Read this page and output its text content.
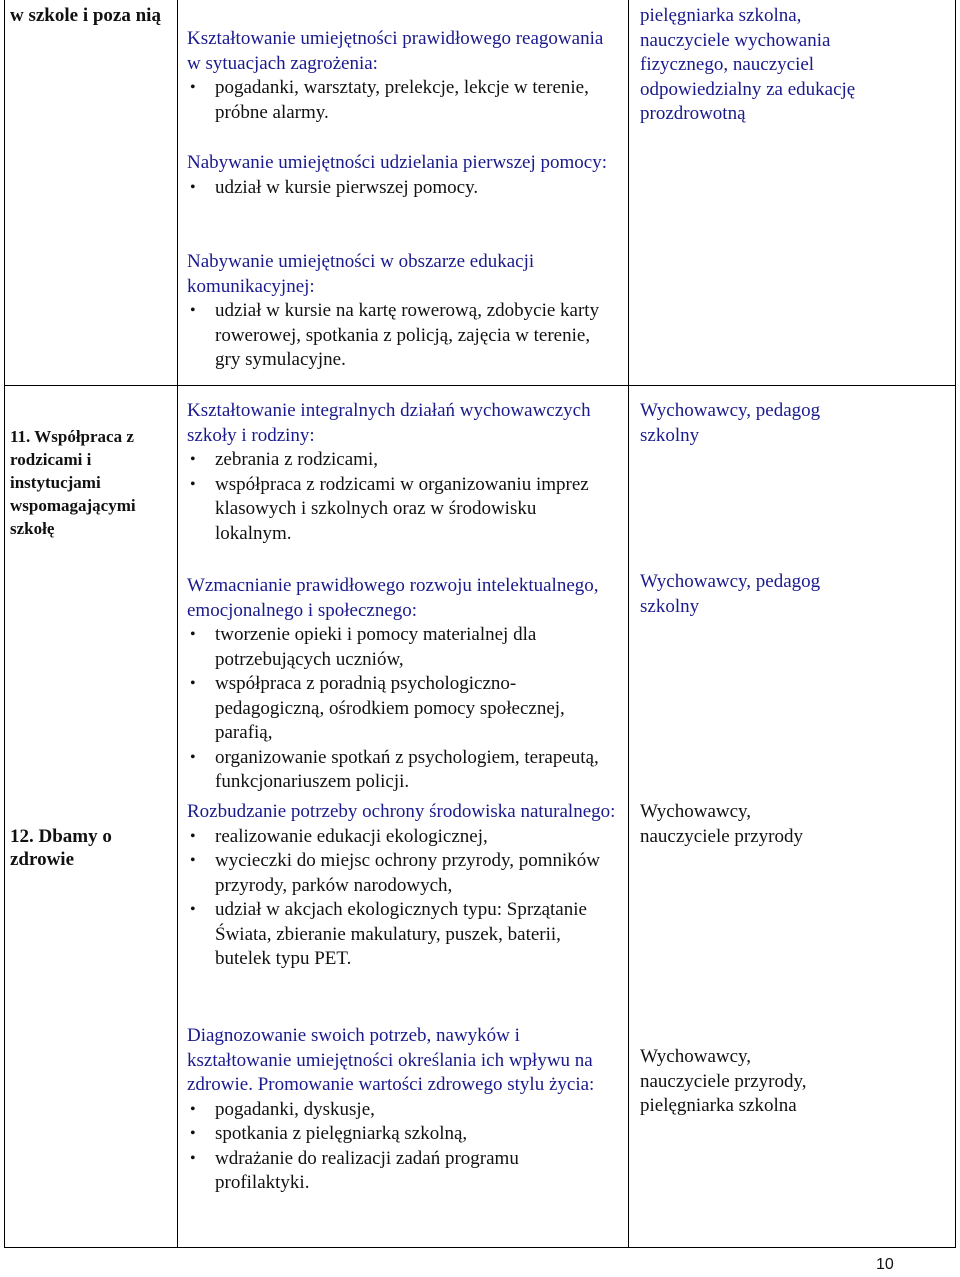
w szkole i poza nią
11. Współpraca z rodzicami i instytucjami wspomagającymi szkołę
12. Dbamy o zdrowie

Kształtowanie umiejętności prawidłowego reagowania w sytuacjach zagrożenia:

• pogadanki, warsztaty, prelekcje, lekcje w terenie, próbne alarmy.

Nabywanie umiejętności udzielania pierwszej pomocy:

• udział w kursie pierwszej pomocy.

Nabywanie umiejętności w obszarze edukacji komunikacyjnej:

• udział w kursie na kartę rowerową, zdobycie karty rowerowej, spotkania z policją, zajęcia w terenie, gry symulacyjne.

Kształtowanie integralnych działań wychowawczych szkoły i rodziny:

• zebrania z rodzicami,
• współpraca z rodzicami w organizowaniu imprez klasowych i szkolnych oraz w środowisku lokalnym.

Wzmacnianie prawidłowego rozwoju intelektualnego, emocjonalnego i społecznego:

• tworzenie opieki i pomocy materialnej dla potrzebujących uczniów,
• współpraca z poradnią psychologiczno-pedagogiczną, ośrodkiem pomocy społecznej, parafią,
• organizowanie spotkań z psychologiem, terapeutą, funkcjonariuszem policji.

Rozbudzanie potrzeby ochrony środowiska naturalnego:

• realizowanie edukacji ekologicznej,
• wycieczki do miejsc ochrony przyrody, pomników przyrody, parków narodowych,
• udział w akcjach ekologicznych typu: Sprzątanie Świata, zbieranie makulatury, puszek, baterii, butelek typu PET.

Diagnozowanie swoich potrzeb, nawyków i kształtowanie umiejętności określania ich wpływu na zdrowie. Promowanie wartości zdrowego stylu życia:

• pogadanki, dyskusje,
• spotkania z pielęgniarką szkolną,
• wdrażanie do realizacji zadań programu profilaktyki.
pielęgniarka szkolna, nauczyciele wychowania fizycznego, nauczyciel odpowiedzialny za edukację prozdrowotną
Wychowawcy, pedagog szkolny
Wychowawcy, pedagog szkolny
Wychowawcy, nauczyciele przyrody
Wychowawcy, nauczyciele przyrody, pielęgniarka szkolna
10
